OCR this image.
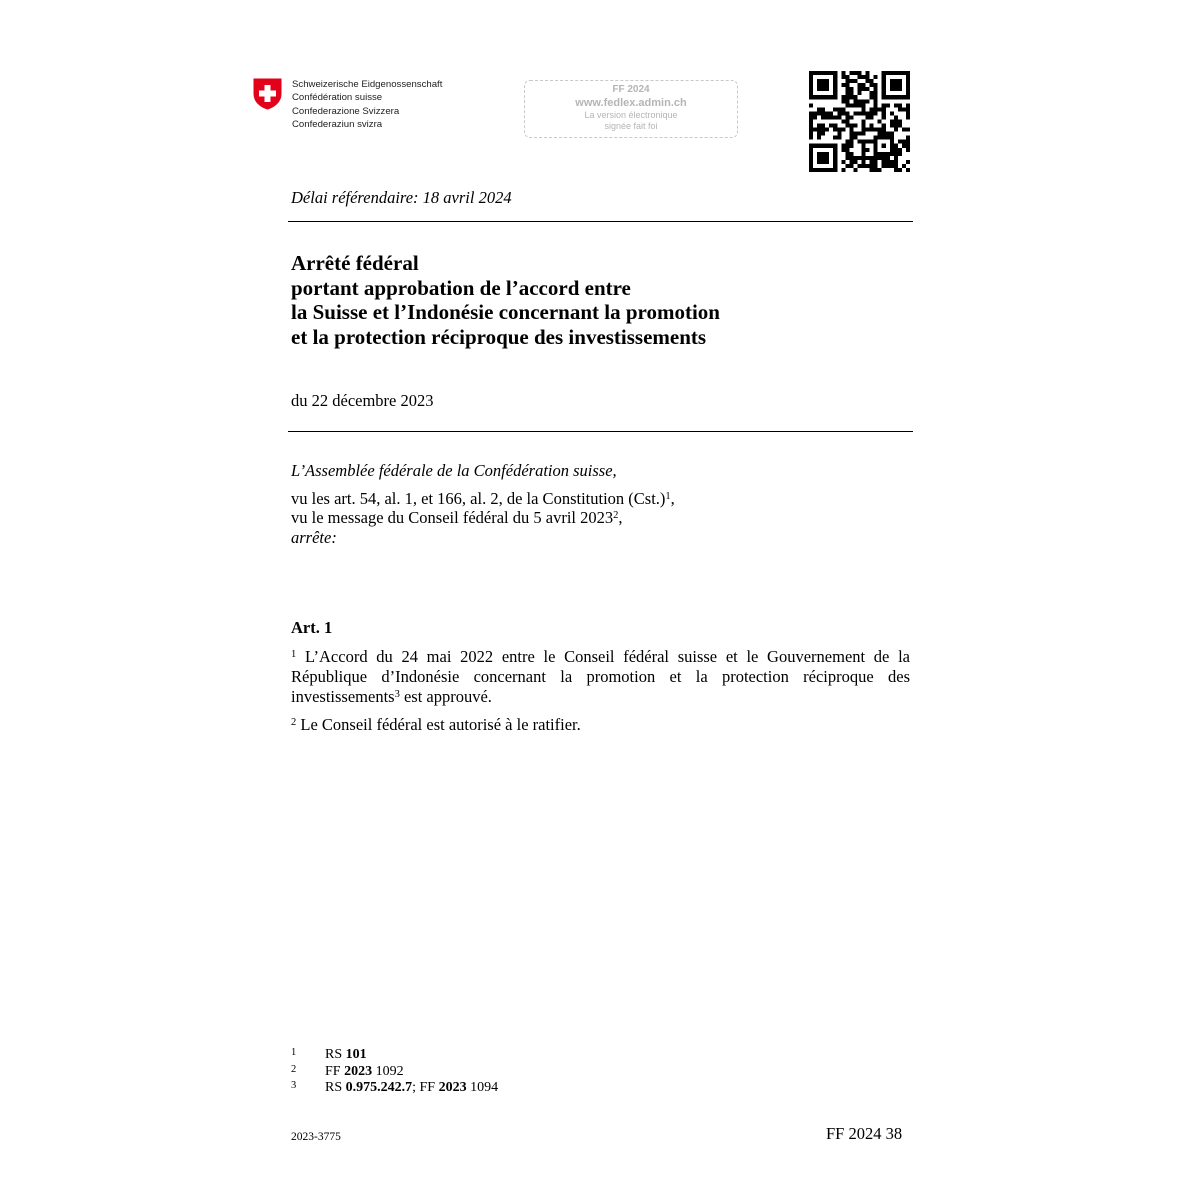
Schweizerische Eidgenossenschaft
Confédération suisse
Confederazione Svizzera
Confederaziun svizra
FF 2024
www.fedlex.admin.ch
La version électronique
signée fait foi
Délai référendaire: 18 avril 2024
Arrêté fédéral
portant approbation de l’accord entre
la Suisse et l’Indonésie concernant la promotion
et la protection réciproque des investissements
du 22 décembre 2023
L’Assemblée fédérale de la Confédération suisse,
vu les art. 54, al. 1, et 166, al. 2, de la Constitution $(Cst.)^1$,
vu le message du Conseil fédéral du 5 avril 2023$^2$,
arrête:
Art. 1
$^1$ L’Accord du 24 mai 2022 entre le Conseil fédéral suisse et le Gouvernement de la République d’Indonésie concernant la promotion et la protection réciproque des investissements$^3$ est approuvé.
$^2$ Le Conseil fédéral est autorisé à le ratifier.
1 RS 101
2 FF 2023 1092
3 RS 0.975.242.7; FF 2023 1094
2023-3775	FF 2024 38
